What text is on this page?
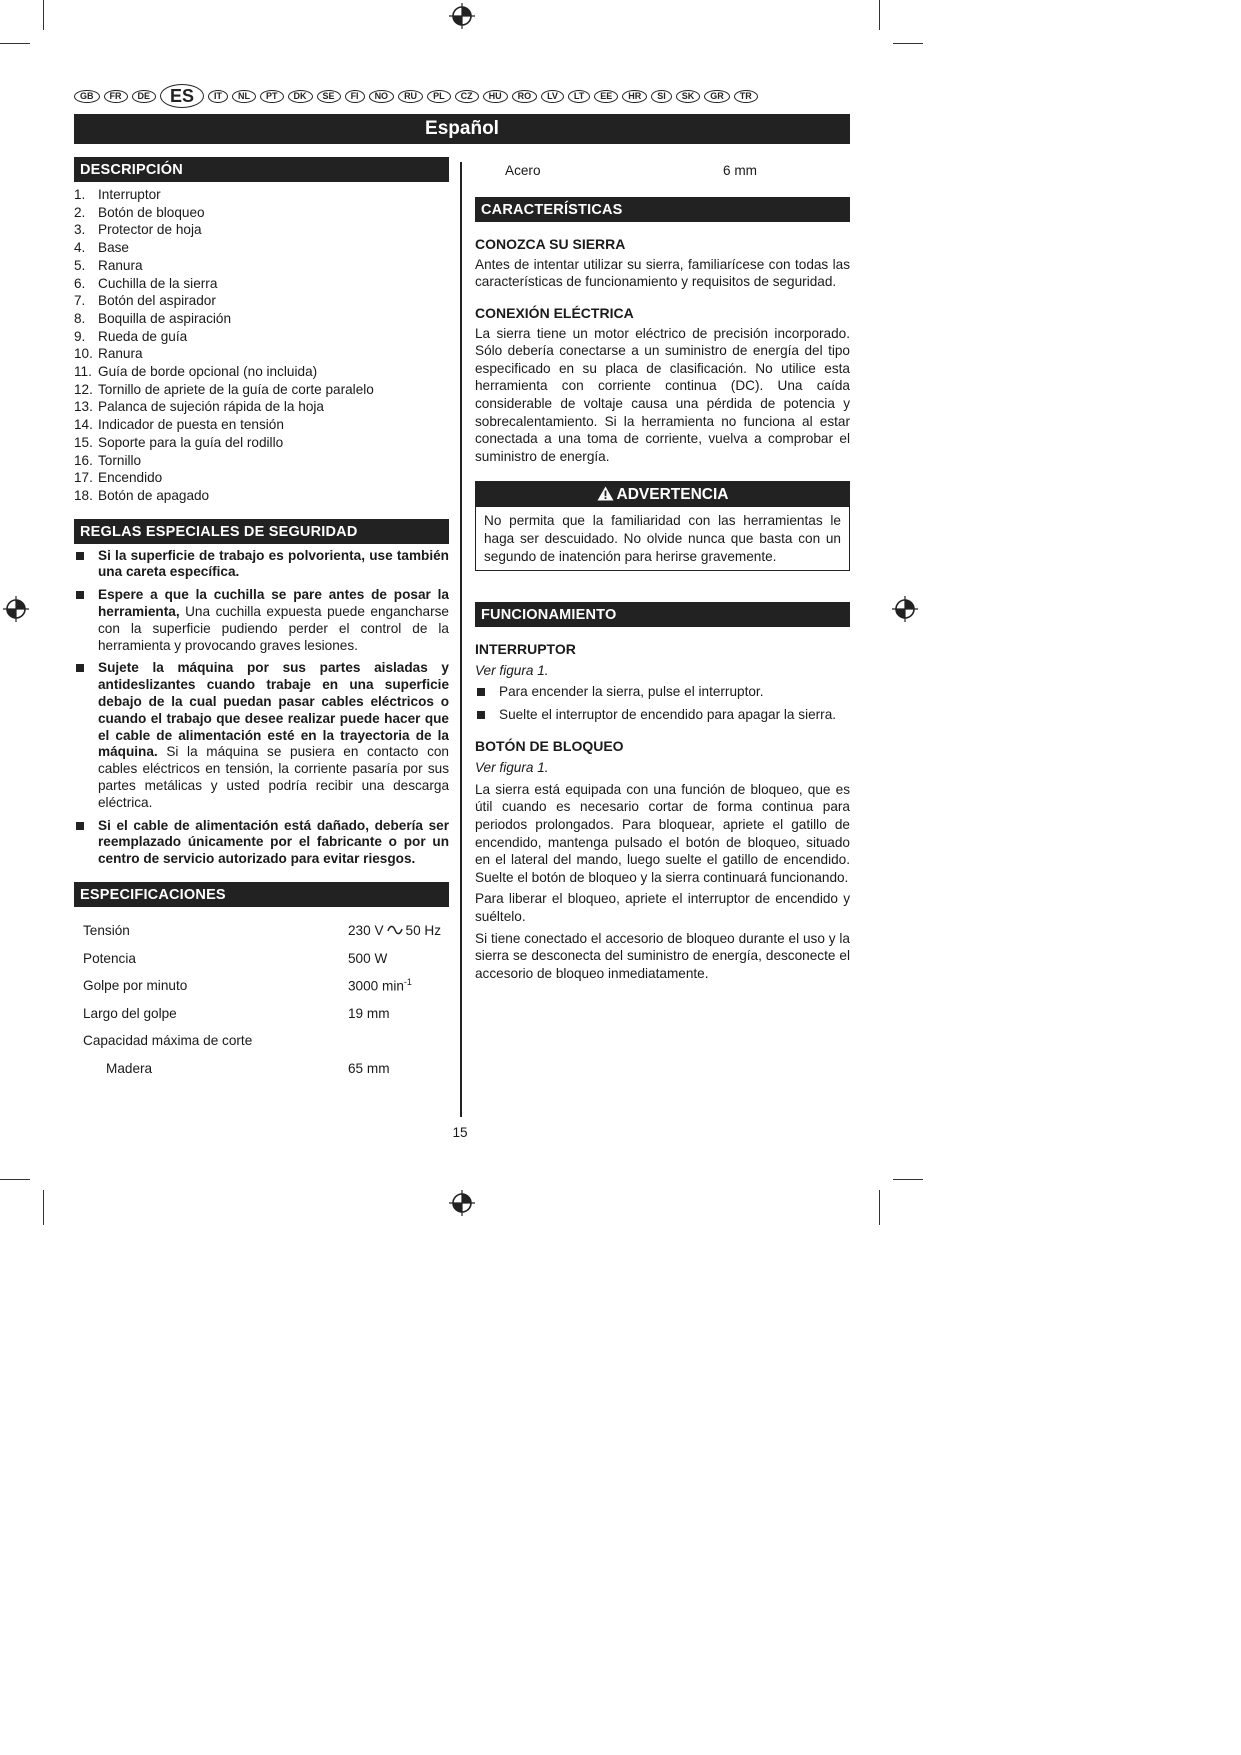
GB	FR	DE	ES	IT	NL	PT	DK	SE	FI	NO	RU	PL	CZ	HU	RO	LV	LT	EE	HR	SI	SK	GR	TR
Español
DESCRIPCIÓN
1. Interruptor
2. Botón de bloqueo
3. Protector de hoja
4. Base
5. Ranura
6. Cuchilla de la sierra
7. Botón del aspirador
8. Boquilla de aspiración
9. Rueda de guía
10. Ranura
11. Guía de borde opcional (no incluida)
12. Tornillo de apriete de la guía de corte paralelo
13. Palanca de sujeción rápida de la hoja
14. Indicador de puesta en tensión
15. Soporte para la guía del rodillo
16. Tornillo
17. Encendido
18. Botón de apagado
REGLAS ESPECIALES DE SEGURIDAD
Si la superficie de trabajo es polvorienta, use también una careta específica.
Espere a que la cuchilla se pare antes de posar la herramienta, Una cuchilla expuesta puede engancharse con la superficie pudiendo perder el control de la herramienta y provocando graves lesiones.
Sujete la máquina por sus partes aisladas y antideslizantes cuando trabaje en una superficie debajo de la cual puedan pasar cables eléctricos o cuando el trabajo que desee realizar puede hacer que el cable de alimentación esté en la trayectoria de la máquina. Si la máquina se pusiera en contacto con cables eléctricos en tensión, la corriente pasaría por sus partes metálicas y usted podría recibir una descarga eléctrica.
Si el cable de alimentación está dañado, debería ser reemplazado únicamente por el fabricante o por un centro de servicio autorizado para evitar riesgos.
ESPECIFICACIONES
Tensión	230 V 50 Hz
Potencia	500 W
Golpe por minuto	3000 $\min^{-1}$
Largo del golpe	19 mm
Capacidad máxima de corte	
Madera	65 mm
Acero	6 mm
CARACTERÍSTICAS
CONOZCA SU SIERRA

Antes de intentar utilizar su sierra, familiarícese con todas las características de funcionamiento y requisitos de seguridad.

CONEXIÓN ELÉCTRICA

La sierra tiene un motor eléctrico de precisión incorporado. Sólo debería conectarse a un suministro de energía del tipo especificado en su placa de clasificación. No utilice esta herramienta con corriente continua (DC). Una caída considerable de voltaje causa una pérdida de potencia y sobrecalentamiento. Si la herramienta no funciona al estar conectada a una toma de corriente, vuelva a comprobar el suministro de energía.

ADVERTENCIA

No permita que la familiaridad con las herramientas le haga ser descuidado. No olvide nunca que basta con un segundo de inatención para herirse gravemente.

FUNCIONAMIENTO
INTERRUPTOR
Ver figura 1.
Para encender la sierra, pulse el interruptor.
Suelte el interruptor de encendido para apagar la sierra.
BOTÓN DE BLOQUEO
Ver figura 1.

La sierra está equipada con una función de bloqueo, que es útil cuando es necesario cortar de forma continua para periodos prolongados. Para bloquear, apriete el gatillo de encendido, mantenga pulsado el botón de bloqueo, situado en el lateral del mando, luego suelte el gatillo de encendido. Suelte el botón de bloqueo y la sierra continuará funcionando.

Para liberar el bloqueo, apriete el interruptor de encendido y suéltelo.

Si tiene conectado el accesorio de bloqueo durante el uso y la sierra se desconecta del suministro de energía, desconecte el accesorio de bloqueo inmediatamente.

15
